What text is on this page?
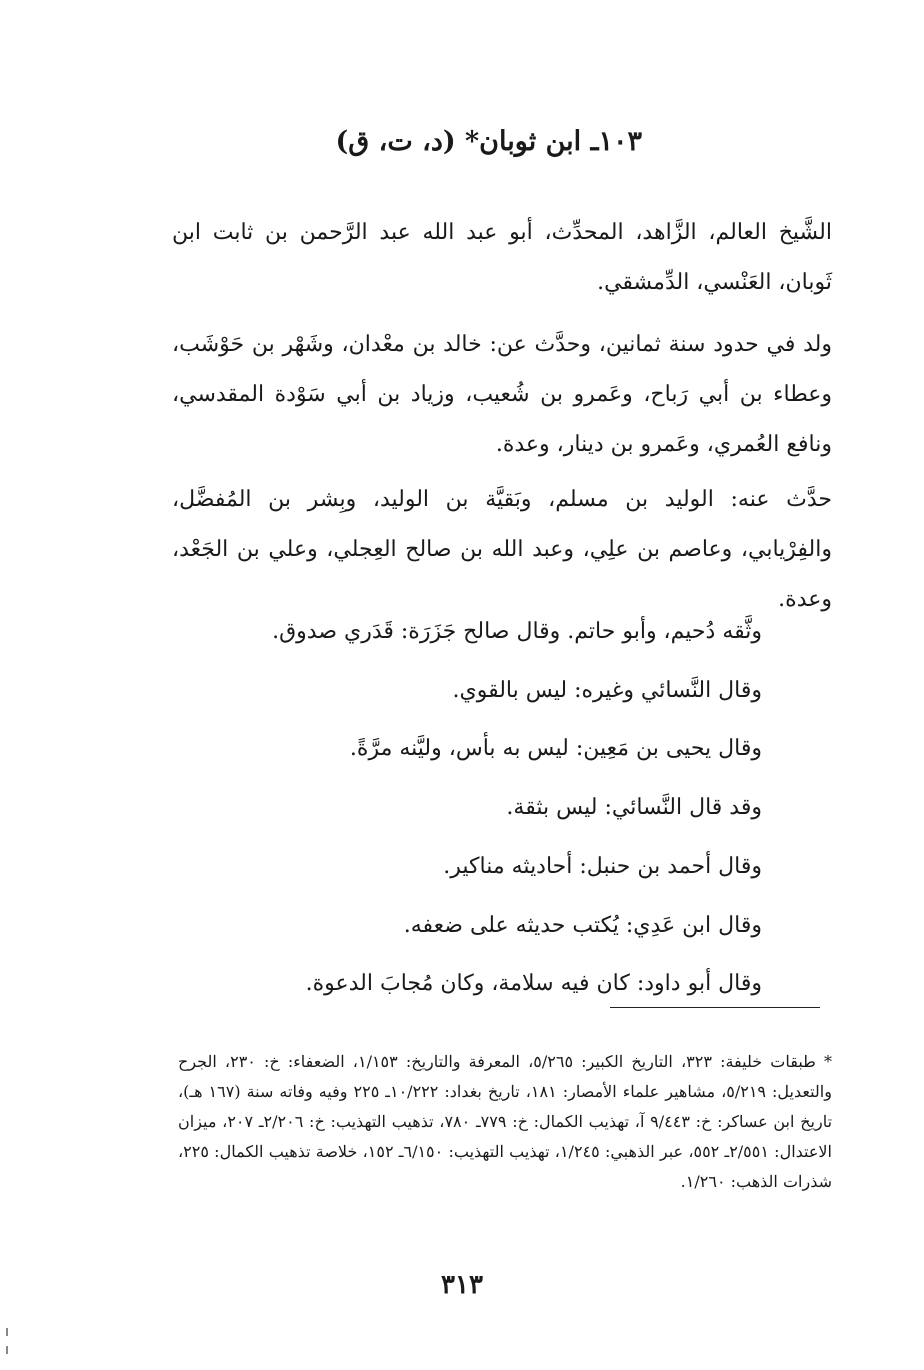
١٠٣ـ ابن ثوبان* (د، ت، ق)

الشَّيخ العالم، الزَّاهد، المحدِّث، أبو عبد الله عبد الرَّحمن بن ثابت ابن ثَوبان، العَنْسي، الدِّمشقي.

ولد في حدود سنة ثمانين، وحدَّث عن: خالد بن معْدان، وشَهْر بن حَوْشَب، وعطاء بن أبي رَباح، وعَمرو بن شُعيب، وزياد بن أبي سَوْدة المقدسي، ونافع العُمري، وعَمرو بن دينار، وعدة.

حدَّث عنه: الوليد بن مسلم، وبَقيَّة بن الوليد، وبِشر بن المُفضَّل، والفِرْيابي، وعاصم بن علِي، وعبد الله بن صالح العِجلي، وعلي بن الجَعْد، وعدة.

وثَّقه دُحيم، وأبو حاتم. وقال صالح جَزَرَة: قَدَري صدوق.
وقال النَّسائي وغيره: ليس بالقوي.
وقال يحيى بن مَعِين: ليس به بأس، وليَّنه مرَّةً.
وقد قال النَّسائي: ليس بثقة.
وقال أحمد بن حنبل: أحاديثه مناكير.
وقال ابن عَدِي: يُكتب حديثه على ضعفه.
وقال أبو داود: كان فيه سلامة، وكان مُجابَ الدعوة.

* طبقات خليفة: ٣٢٣، التاريخ الكبير: ٥/٢٦٥، المعرفة والتاريخ: ١/١٥٣، الضعفاء: خ: ٢٣٠، الجرح والتعديل: ٥/٢١٩، مشاهير علماء الأمصار: ١٨١، تاريخ بغداد: ١٠/٢٢٢ـ ٢٢٥ وفيه وفاته سنة (١٦٧ هـ)، تاريخ ابن عساكر: خ: ٩/٤٤٣ آ، تهذيب الكمال: خ: ٧٧٩ـ ٧٨٠، تذهيب التهذيب: خ: ٢/٢٠٦ـ ٢٠٧، ميزان الاعتدال: ٢/٥٥١ـ ٥٥٢، عبر الذهبي: ١/٢٤٥، تهذيب التهذيب: ٦/١٥٠ـ ١٥٢، خلاصة تذهيب الكمال: ٢٢٥، شذرات الذهب: ١/٢٦٠.

٣١٣
